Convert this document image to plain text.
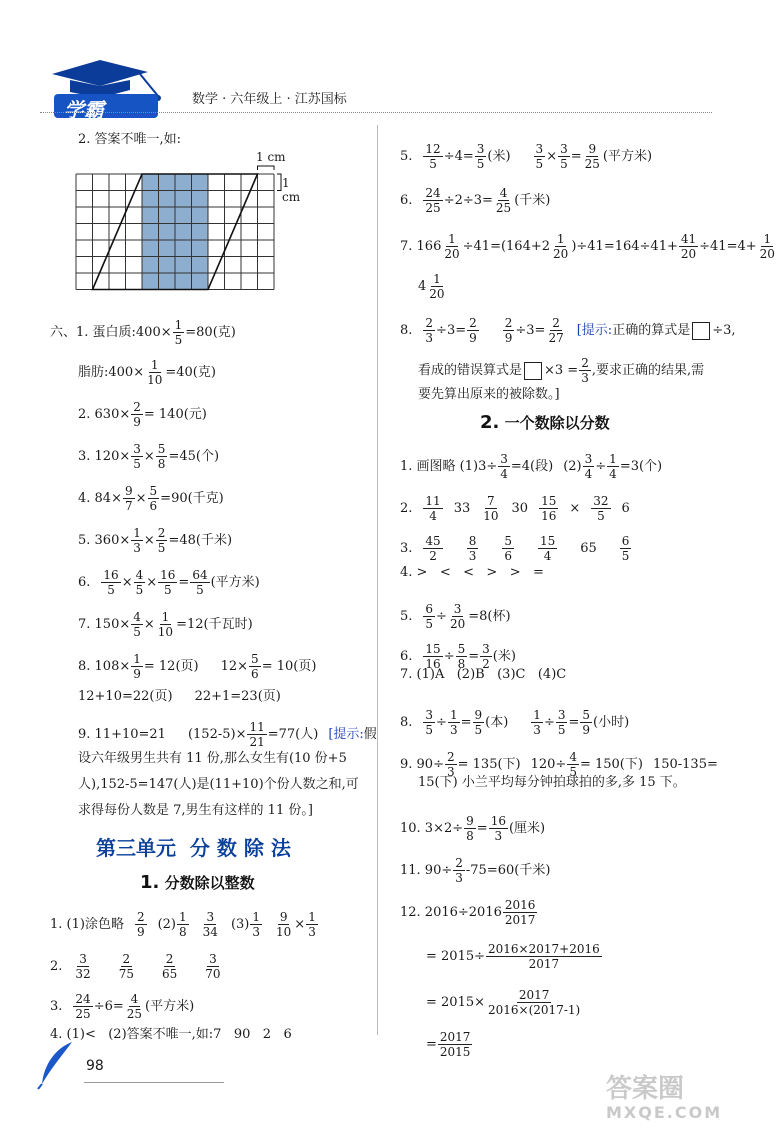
学霸	数学 · 六年级上 · 江苏国标
2. 答案不唯一,如:
1 cm
1 cm
六、1. 蛋白质:400× $\frac{1}{5} =80$(克)
脂肪:400× $\frac{1}{10} =40$(克)
2. $630\times \frac{2}{9} = 140$(元)
3. $120\times \frac{3}{5} \times \frac{5}{8} =45$(个)
4. $84\times \frac{9}{7} \times \frac{5}{6} =90$(千克)
5. $360\times \frac{1}{3} \times \frac{2}{5} =48$(千米)
6. $\frac{16}{5} \times \frac{4}{5} \times \frac{16}{5} = \frac{64}{5}$ (平方米)
7. $150\times \frac{4}{5} \times \frac{1}{10} =12$(千瓦时)
8. $108\times \frac{1}{9} = 12$(页) $12\times \frac{5}{6} = 10$(页)
12+10=22(页) 22+1=23(页)
9. 11+10=21 $(152-5)\times \frac{11}{21} =77$(人) [提示: 假
设六年级男生共有 11 份,那么女生有(10 份+5
人),152-5=147(人)是(11+10)个份人数之和,可
求得每份人数是 7,男生有这样的 11 份。]
第三单元  分 数 除 法
1. 分数除以整数
1. (1)涂色略 $\frac{2}{9} (2) \frac{1}{8} \frac{3}{34} (3) \frac{1}{3} \frac{9}{10} \times \frac{1}{3}$
2. $\frac{3}{32} \frac{2}{75} \frac{2}{65} \frac{3}{70}$
3. $\frac{24}{25} \div 6= \frac{4}{25}$ (平方米)
4. (1)<   (2)答案不唯一,如:7   90   2   6
98
5. $\frac{12}{5} \div 4= \frac{3}{5}$ (米) $\frac{3}{5} \times \frac{3}{5} = \frac{9}{25}$ (平方米)
6. $\frac{24}{25} \div 2\div 3= \frac{4}{25}$ (千米)
7. $166 \frac{1}{20} \div 41=(164+2 \frac{1}{20} )\div 41=164\div 41+ \frac{41}{20} \div 41=4+ \frac{1}{20}$
$4 \frac{1}{20}$
8. $\frac{2}{3} \div 3= \frac{2}{9} \frac{2}{9} \div 3= \frac{2}{27}$ [提示: 正确的算式是 ÷3,
看成的错误算式是 $\times 3 = \frac{2}{3}$ ,要求正确的结果,需
要先算出原来的被除数。]
2. 一个数除以分数
1. 画图略 $(1)3\div \frac{3}{4} =4$(段) $(2) \frac{3}{4} \div \frac{1}{4} =3$(个)
2. $\frac{11}{4} 33 \frac{7}{10} 30 \frac{15}{16} \times \frac{32}{5} 6$
3. $\frac{45}{2} \frac{8}{3} \frac{5}{6} \frac{15}{4} 65 \frac{6}{5}$
4. >   <   <   >   >   =
5. $\frac{6}{5} \div \frac{3}{20} =8$(杯)
6. $\frac{15}{16} \div \frac{5}{8} = \frac{3}{2}$ (米)
7. (1)A   (2)B   (3)C   (4)C
8. $\frac{3}{5} \div \frac{1}{3} = \frac{9}{5}$ (本) $\frac{1}{3} \div \frac{3}{5} = \frac{5}{9}$ (小时)
9. $90\div \frac{2}{3} = 135$(下) $120\div \frac{4}{5} = 150$(下) 150-135=
15(下) 小兰平均每分钟拍球拍的多,多 15 下。
10. $3\times 2\div \frac{9}{8} = \frac{16}{3}$ (厘米)
11. $90\div \frac{2}{3} -75=60$(千米)
12. $2016\div 2016 \frac{2016}{2017}$
= $2015\div \frac{2016\times 2017+2016}{2017}$
= $2015\times \frac{2017}{2016\times(2017-1)}$
= $\frac{2017}{2015}$
答案圈
MXQE.COM
